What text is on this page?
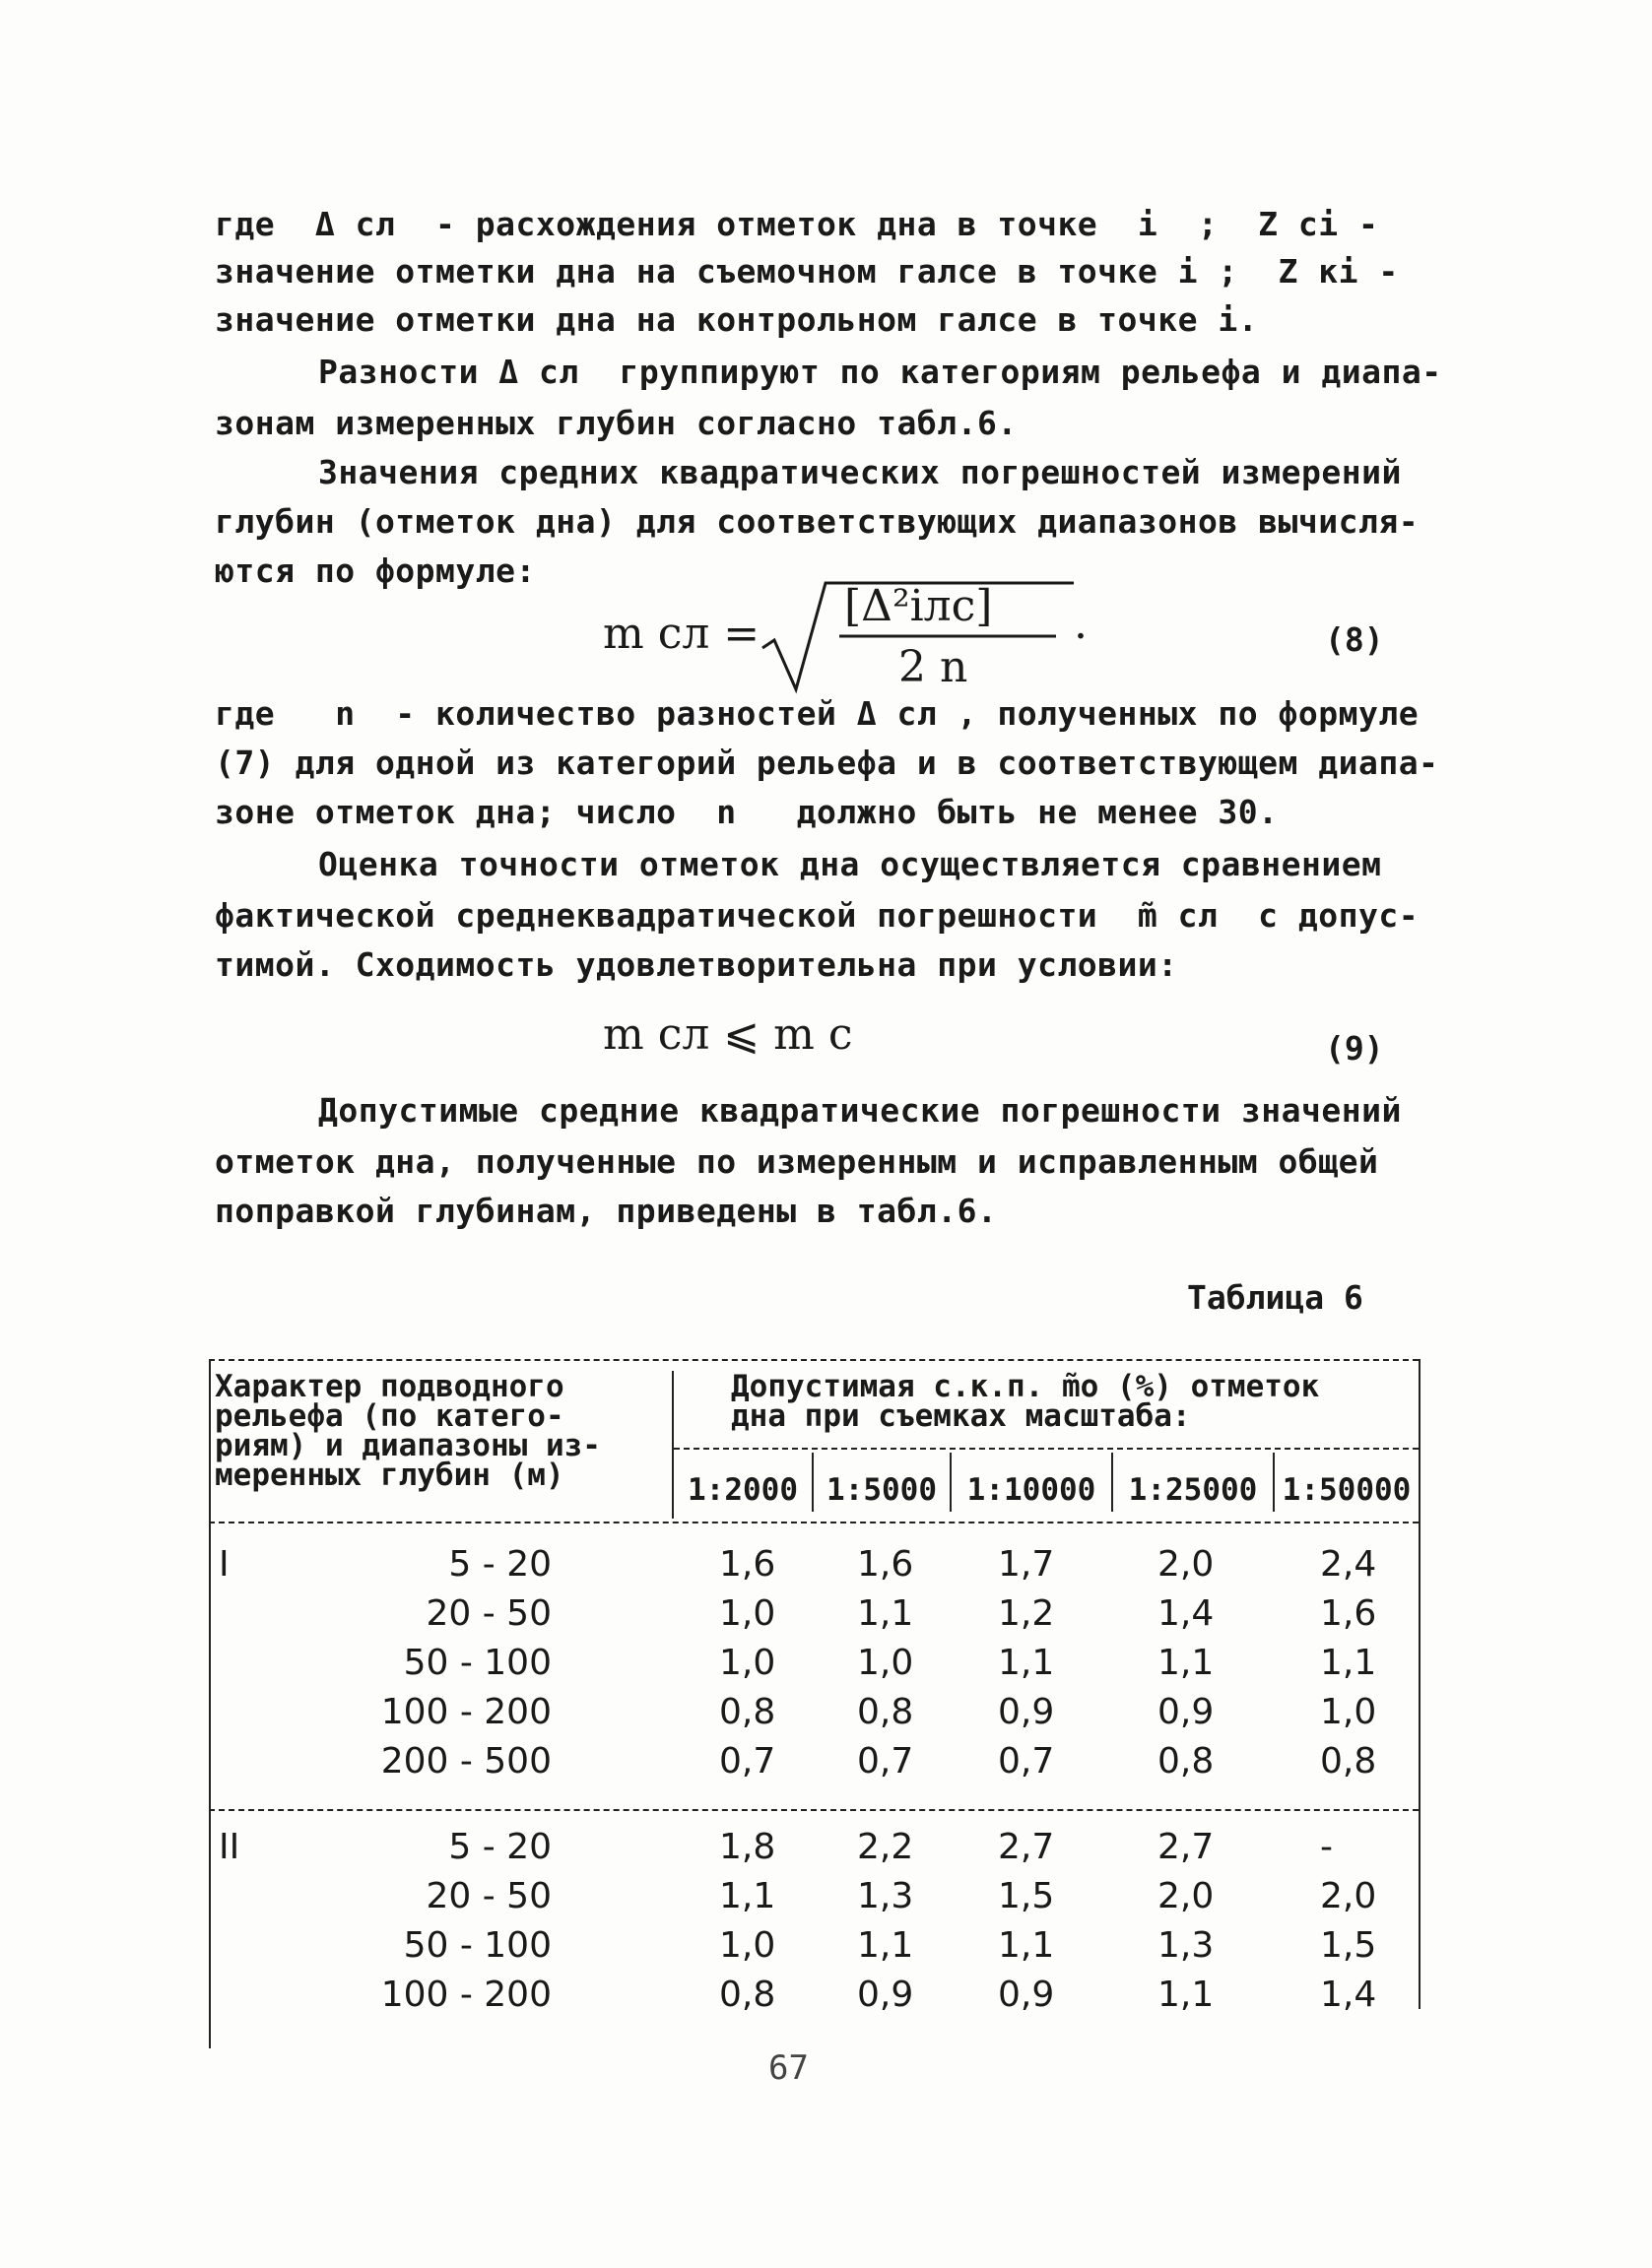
где  Δ сл  - расхождения отметок дна в точке  i  ;  Z сi -
значение отметки дна на съемочном галсе в точке i ;  Z кi -
значение отметки дна на контрольном галсе в точке i.
Разности Δ сл  группируют по категориям рельефа и диапа-
зонам измеренных глубин согласно табл.6.
Значения средних квадратических погрешностей измерений
глубин (отметок дна) для соответствующих диапазонов вычисля-
ются по формуле:
m сл =
[Δ²iлс]
2 n
.	(8)
где   n  - количество разностей Δ сл , полученных по формуле
(7) для одной из категорий рельефа и в соответствующем диапа-
зоне отметок дна; число  n   должно быть не менее 30.
Оценка точности отметок дна осуществляется сравнением
фактической среднеквадратической погрешности  m̃ сл  с допус-
тимой. Сходимость удовлетворительна при условии:
m сл ⩽ m с	(9)
Допустимые средние квадратические погрешности значений
отметок дна, полученные по измеренным и исправленным общей
поправкой глубинам, приведены в табл.6.
Таблица 6
Характер подводного
рельефа (по катего-
риям) и диапазоны из-
меренных глубин (м)
Допустимая с.к.п. m̃о (%) отметок
дна при съемках масштаба:
1:2000 1:5000 1:10000	1:25000 1:50000
I	5 - 20	1,6 1,6 1,7	2,0	2,4
20 - 50	1,0 1,1 1,2	1,4	1,6
50 - 100	1,0 1,0 1,1	1,1	1,1
100 - 200	0,8 0,8 0,9	0,9	1,0
200 - 500	0,7 0,7 0,7	0,8	0,8
II	5 - 20	1,8 2,2 2,7	2,7	-
20 - 50	1,1 1,3 1,5	2,0	2,0
50 - 100	1,0 1,1 1,1	1,3	1,5
100 - 200	0,8 0,9 0,9	1,1	1,4
67
